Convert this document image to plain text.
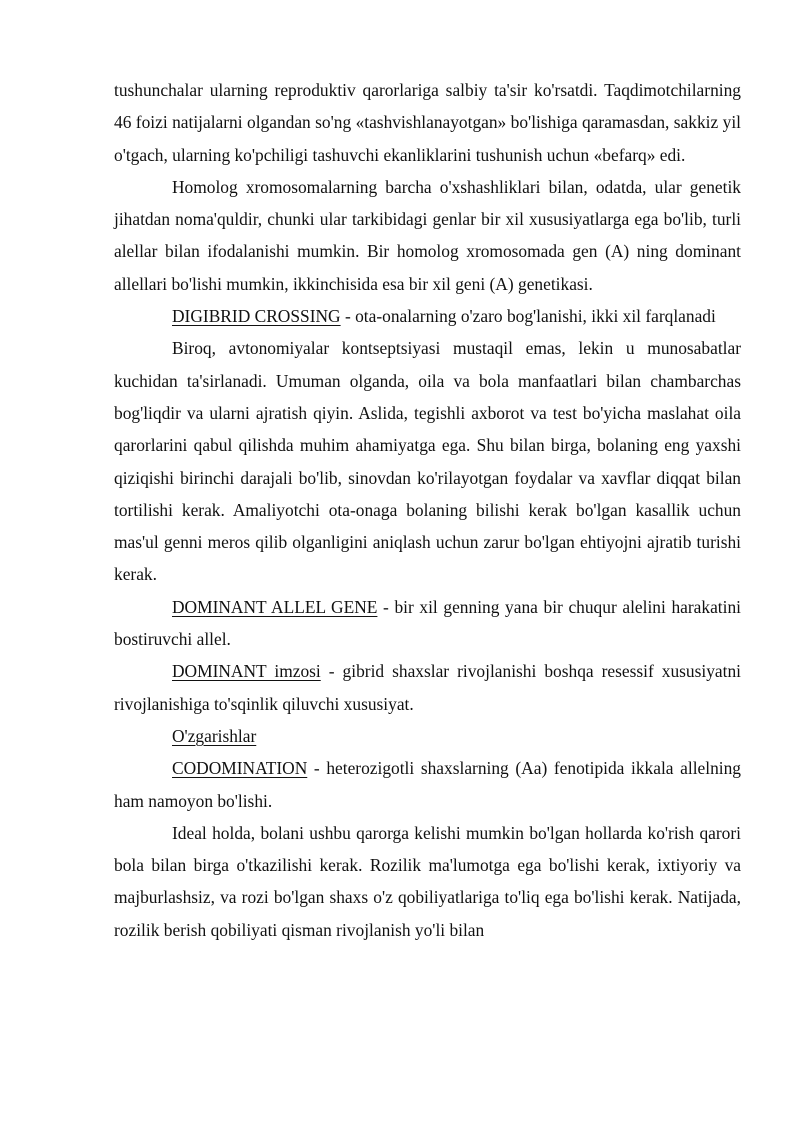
tushunchalar ularning reproduktiv qarorlariga salbiy ta'sir ko'rsatdi. Taqdimotchilarning 46 foizi natijalarni olgandan so'ng «tashvishlanayotgan» bo'lishiga qaramasdan, sakkiz yil o'tgach, ularning ko'pchiligi tashuvchi ekanliklarini tushunish uchun «befarq» edi.

Homolog xromosomalarning barcha o'xshashliklari bilan, odatda, ular genetik jihatdan noma'quldir, chunki ular tarkibidagi genlar bir xil xususiyatlarga ega bo'lib, turli alellar bilan ifodalanishi mumkin. Bir homolog xromosomada gen (A) ning dominant allellari bo'lishi mumkin, ikkinchisida esa bir xil geni (A) genetikasi.

DIGIBRID CROSSING - ota-onalarning o'zaro bog'lanishi, ikki xil farqlanadi

Biroq, avtonomiyalar kontseptsiyasi mustaqil emas, lekin u munosabatlar kuchidan ta'sirlanadi. Umuman olganda, oila va bola manfaatlari bilan chambarchas bog'liqdir va ularni ajratish qiyin. Aslida, tegishli axborot va test bo'yicha maslahat oila qarorlarini qabul qilishda muhim ahamiyatga ega. Shu bilan birga, bolaning eng yaxshi qiziqishi birinchi darajali bo'lib, sinovdan ko'rilayotgan foydalar va xavflar diqqat bilan tortilishi kerak. Amaliyotchi ota-onaga bolaning bilishi kerak bo'lgan kasallik uchun mas'ul genni meros qilib olganligini aniqlash uchun zarur bo'lgan ehtiyojni ajratib turishi kerak.

DOMINANT ALLEL GENE - bir xil genning yana bir chuqur alelini harakatini bostiruvchi allel.

DOMINANT imzosi - gibrid shaxslar rivojlanishi boshqa resessif xususiyatni rivojlanishiga to'sqinlik qiluvchi xususiyat.

O'zgarishlar

CODOMINATION - heterozigotli shaxslarning (Aa) fenotipida ikkala allelning ham namoyon bo'lishi.

Ideal holda, bolani ushbu qarorga kelishi mumkin bo'lgan hollarda ko'rish qarori bola bilan birga o'tkazilishi kerak. Rozilik ma'lumotga ega bo'lishi kerak, ixtiyoriy va majburlashsiz, va rozi bo'lgan shaxs o'z qobiliyatlariga to'liq ega bo'lishi kerak. Natijada, rozilik berish qobiliyati qisman rivojlanish yo'li bilan
